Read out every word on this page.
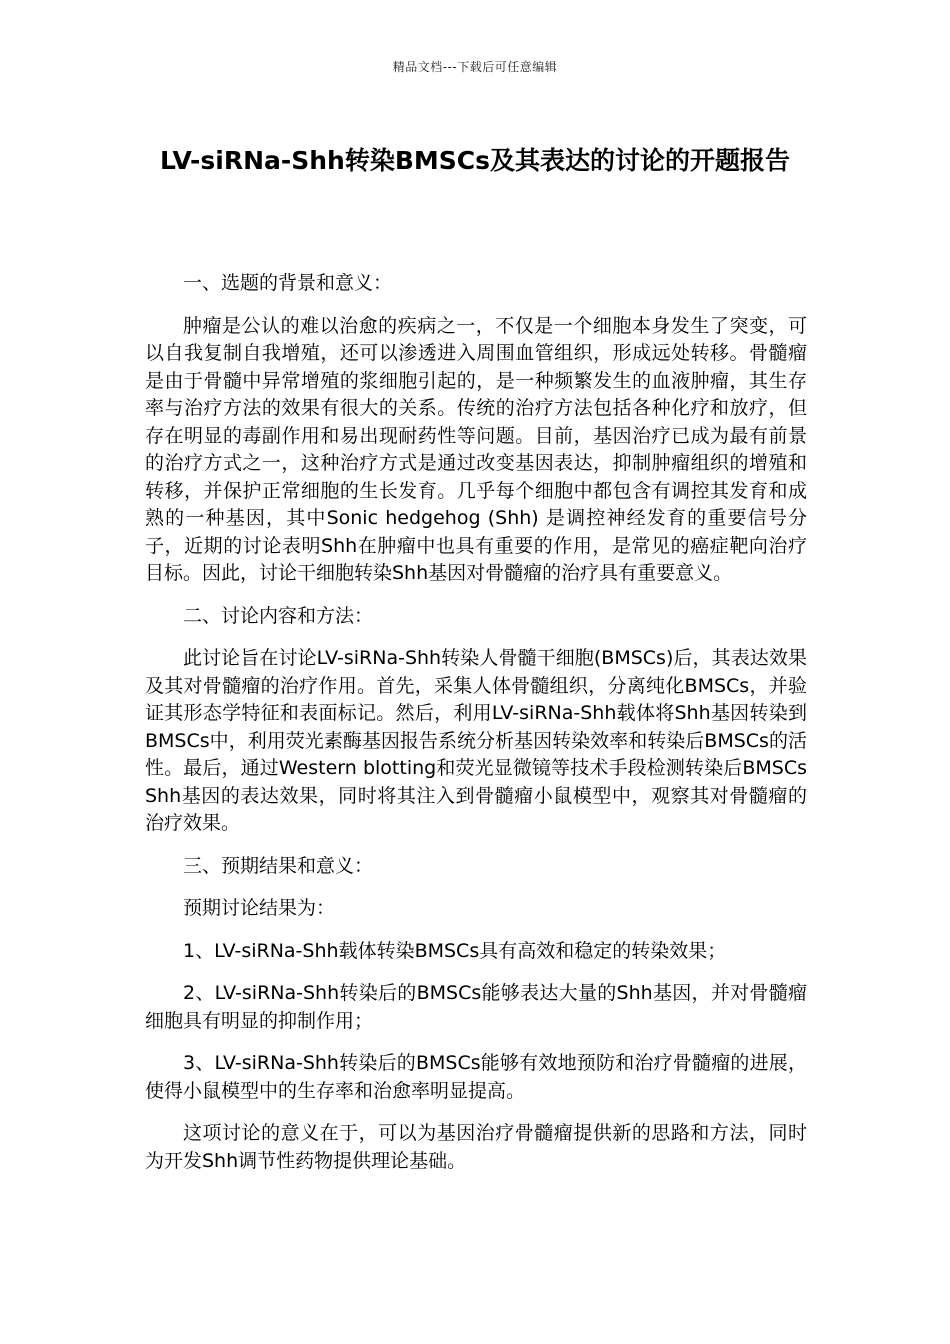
精品文档---下载后可任意编辑
LV-siRNa-Shh转染BMSCs及其表达的讨论的开题报告

一、选题的背景和意义：

肿瘤是公认的难以治愈的疾病之一，不仅是一个细胞本身发生了突变，可以自我复制自我增殖，还可以渗透进入周围血管组织，形成远处转移。骨髓瘤是由于骨髓中异常增殖的浆细胞引起的，是一种频繁发生的血液肿瘤，其生存率与治疗方法的效果有很大的关系。传统的治疗方法包括各种化疗和放疗，但存在明显的毒副作用和易出现耐药性等问题。目前，基因治疗已成为最有前景的治疗方式之一，这种治疗方式是通过改变基因表达，抑制肿瘤组织的增殖和转移，并保护正常细胞的生长发育。几乎每个细胞中都包含有调控其发育和成熟的一种基因，其中Sonic hedgehog (Shh) 是调控神经发育的重要信号分子，近期的讨论表明Shh在肿瘤中也具有重要的作用，是常见的癌症靶向治疗目标。因此，讨论干细胞转染Shh基因对骨髓瘤的治疗具有重要意义。

二、讨论内容和方法：

此讨论旨在讨论LV-siRNa-Shh转染人骨髓干细胞(BMSCs)后，其表达效果及其对骨髓瘤的治疗作用。首先，采集人体骨髓组织，分离纯化BMSCs，并验证其形态学特征和表面标记。然后，利用LV-siRNa-Shh载体将Shh基因转染到BMSCs中，利用荧光素酶基因报告系统分析基因转染效率和转染后BMSCs的活性。最后，通过Western blotting和荧光显微镜等技术手段检测转染后BMSCs Shh基因的表达效果，同时将其注入到骨髓瘤小鼠模型中，观察其对骨髓瘤的治疗效果。

三、预期结果和意义：

预期讨论结果为：

1、LV-siRNa-Shh载体转染BMSCs具有高效和稳定的转染效果；

2、LV-siRNa-Shh转染后的BMSCs能够表达大量的Shh基因，并对骨髓瘤细胞具有明显的抑制作用；

3、LV-siRNa-Shh转染后的BMSCs能够有效地预防和治疗骨髓瘤的进展，使得小鼠模型中的生存率和治愈率明显提高。

这项讨论的意义在于，可以为基因治疗骨髓瘤提供新的思路和方法，同时为开发Shh调节性药物提供理论基础。
